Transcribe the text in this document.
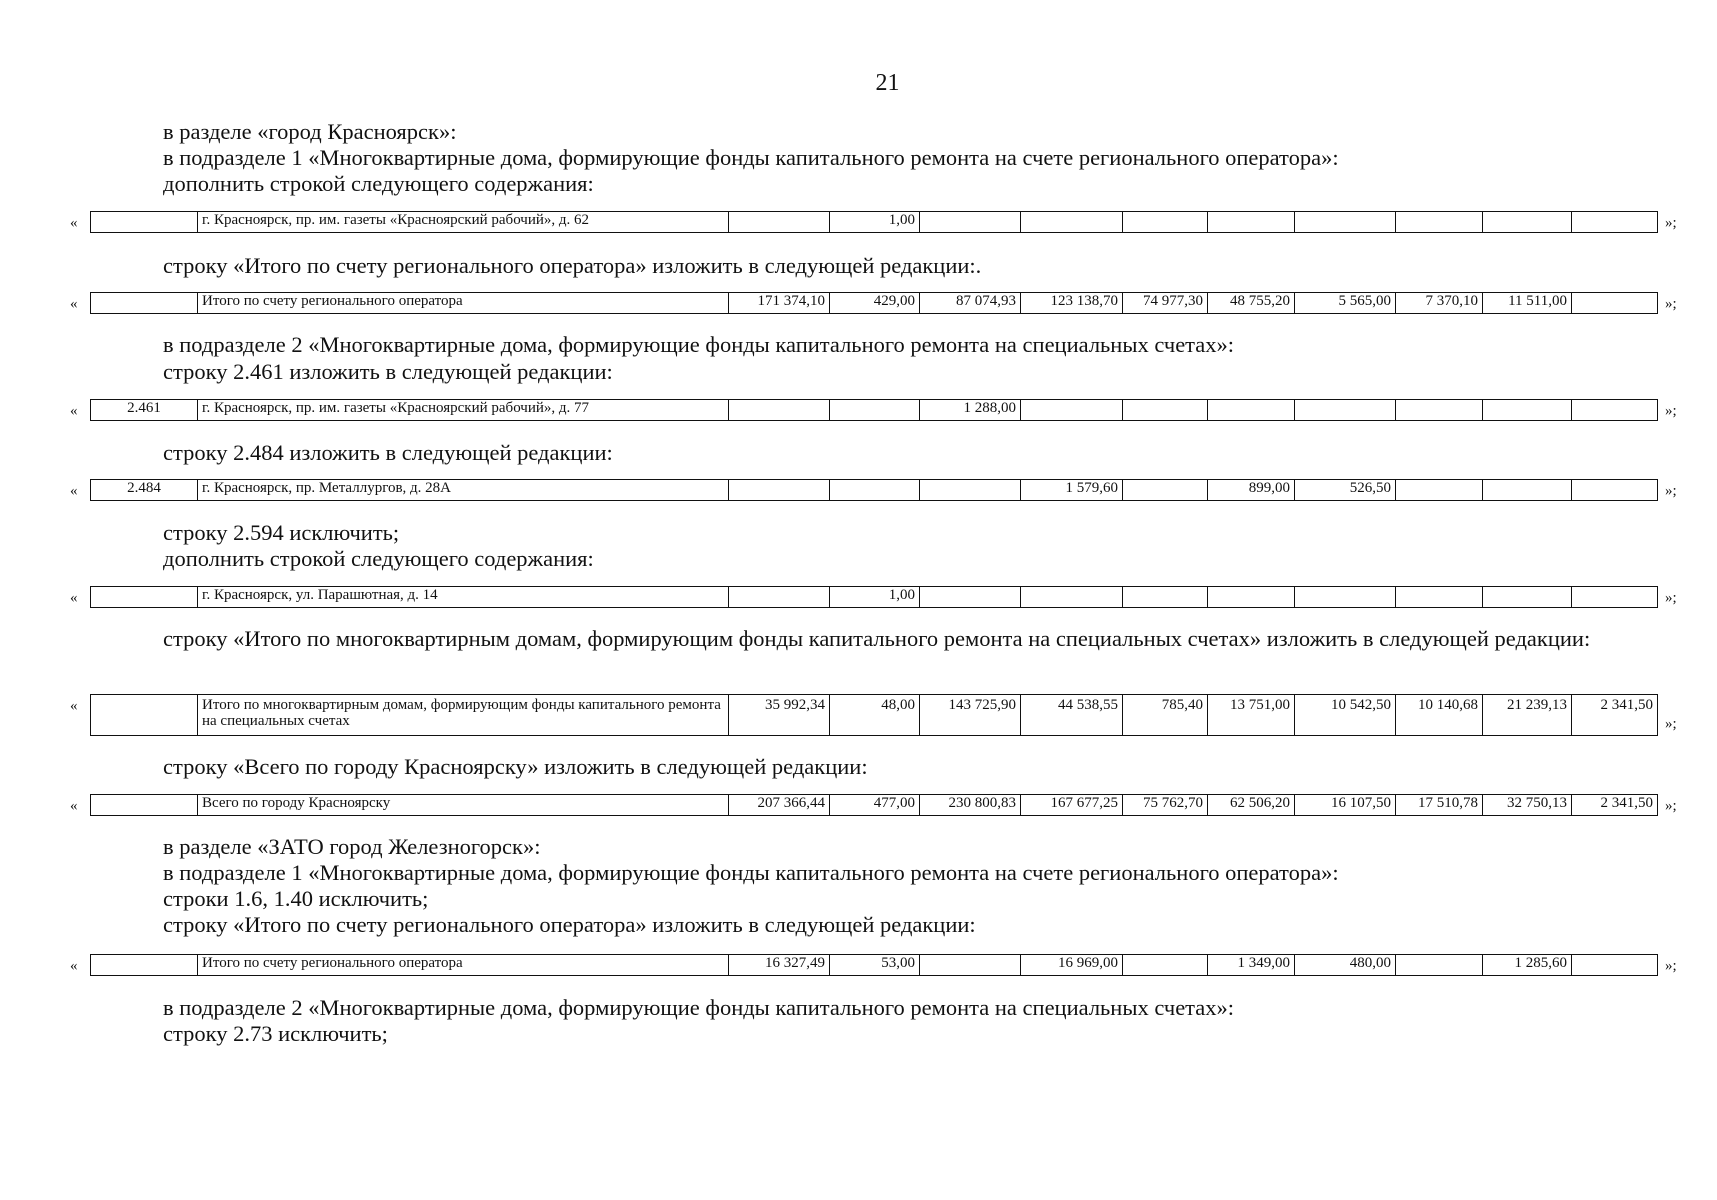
21
в разделе «город Красноярск»:
в подразделе 1 «Многоквартирные дома, формирующие фонды капитального ремонта на счете регионального оператора»:
дополнить строкой следующего содержания:
«
		г. Красноярск, пр. им. газеты «Красноярский рабочий», д. 62		1,00									»;
строку «Итого по счету регионального оператора» изложить в следующей редакции:.
«
		Итого по счету регионального оператора	171 374,10	429,00	87 074,93	123 138,70	74 977,30	48 755,20	5 565,00	7 370,10	11 511,00		»;
в подразделе 2 «Многоквартирные дома, формирующие фонды капитального ремонта на специальных счетах»:
строку 2.461 изложить в следующей редакции:
«	2.461	г. Красноярск, пр. им. газеты «Красноярский рабочий», д. 77			1 288,00								»;
строку 2.484 изложить в следующей редакции:
«	2.484	г. Красноярск, пр. Металлургов, д. 28А				1 579,60		899,00	526,50				»;
строку 2.594 исключить;
дополнить строкой следующего содержания:
«
		г. Красноярск, ул. Парашютная, д. 14		1,00									»;
строку «Итого по многоквартирным домам, формирующим фонды капитального ремонта на специальных счетах» изложить в следующей редакции:
«
		Итого по многоквартирным домам, формирующим фонды капитального ремонта на специальных счетах	35 992,34	48,00	143 725,90	44 538,55	785,40	13 751,00	10 542,50	10 140,68	21 239,13	2 341,50
»;
строку «Всего по городу Красноярску» изложить в следующей редакции:
«
		Всего по городу Красноярску	207 366,44	477,00	230 800,83	167 677,25	75 762,70	62 506,20	16 107,50	17 510,78	32 750,13	2 341,50 »;
в разделе «ЗАТО город Железногорск»:
в подразделе 1 «Многоквартирные дома, формирующие фонды капитального ремонта на счете регионального оператора»:
строки 1.6, 1.40 исключить;
строку «Итого по счету регионального оператора» изложить в следующей редакции:
«
		Итого по счету регионального оператора	16 327,49	53,00		16 969,00		1 349,00	480,00		1 285,60		»;
в подразделе 2 «Многоквартирные дома, формирующие фонды капитального ремонта на специальных счетах»:
строку 2.73 исключить;
